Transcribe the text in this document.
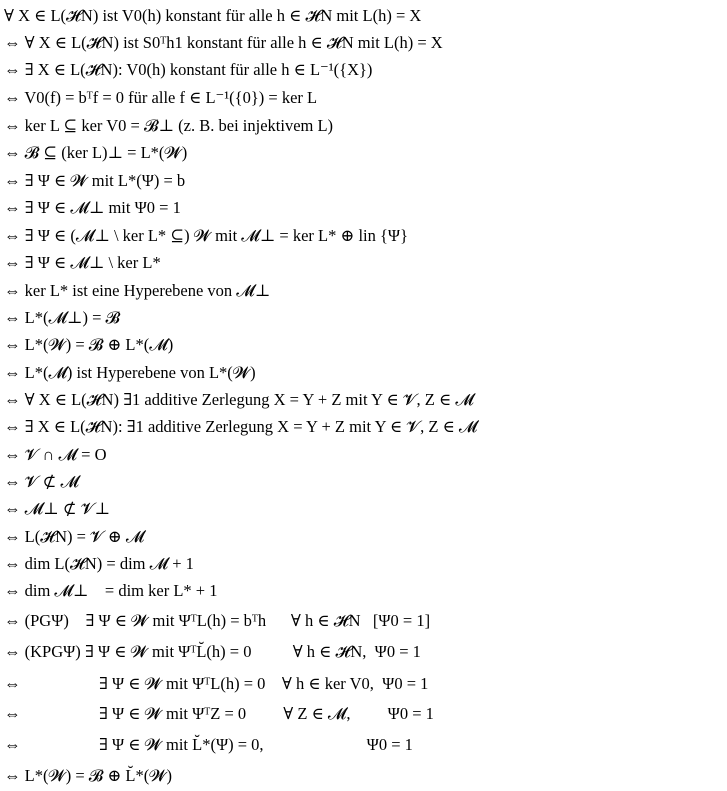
∀ X ∈ L(𝓗N) ist V0(h) konstant für alle h ∈ 𝓗N mit L(h) = X
⇔ ∀ X ∈ L(𝓗N) ist S0ᵀh1 konstant für alle h ∈ 𝓗N mit L(h) = X
⇔ ∃ X ∈ L(𝓗N): V0(h) konstant für alle h ∈ L⁻¹({X})
⇔ V0(f) = bᵀf = 0 für alle f ∈ L⁻¹({0}) = ker L
⇔ ker L ⊆ ker V0 = 𝓑⊥ (z. B. bei injektivem L)
⇔ 𝓑 ⊆ (ker L)⊥ = L*(𝓦)
⇔ ∃ Ψ ∈ 𝓦 mit L*(Ψ) = b
⇔ ∃ Ψ ∈ 𝓜⊥ mit Ψ0 = 1
⇔ ∃ Ψ ∈ (𝓜⊥ \ ker L* ⊆) 𝓦 mit 𝓜⊥ = ker L* ⊕ lin {Ψ}
⇔ ∃ Ψ ∈ 𝓜⊥ \ ker L*
⇔ ker L* ist eine Hyperebene von 𝓜⊥
⇔ L*(𝓜⊥) = 𝓑
⇔ L*(𝓦) = 𝓑 ⊕ L*(𝓜)
⇔ L*(𝓜) ist Hyperebene von L*(𝓦)
⇔ ∀ X ∈ L(𝓗N) ∃1 additive Zerlegung X = Y + Z mit Y ∈ 𝓥, Z ∈ 𝓜
⇔ ∃ X ∈ L(𝓗N): ∃1 additive Zerlegung X = Y + Z mit Y ∈ 𝓥, Z ∈ 𝓜
⇔ 𝓥 ∩ 𝓜 = O
⇔ 𝓥 ⊄ 𝓜
⇔ 𝓜⊥ ⊄ 𝓥⊥
⇔ L(𝓗N) = 𝓥 ⊕ 𝓜
⇔ dim L(𝓗N) = dim 𝓜 + 1
⇔ dim 𝓜⊥    = dim ker L* + 1
⇔ (PGΨ)    ∃ Ψ ∈ 𝓦 mit ΨᵀL(h) = bᵀh      ∀ h ∈ 𝓗N   [Ψ0 = 1]
⇔ (KPGΨ) ∃ Ψ ∈ 𝓦 mit ΨᵀL̆(h) = 0          ∀ h ∈ 𝓗N,  Ψ0 = 1
⇔                   ∃ Ψ ∈ 𝓦 mit ΨᵀL(h) = 0    ∀ h ∈ ker V0,  Ψ0 = 1
⇔                   ∃ Ψ ∈ 𝓦 mit ΨᵀZ = 0         ∀ Z ∈ 𝓜,         Ψ0 = 1
⇔                   ∃ Ψ ∈ 𝓦 mit L̆*(Ψ) = 0,                         Ψ0 = 1
⇔ L*(𝓦) = 𝓑 ⊕ L̆*(𝓦)
